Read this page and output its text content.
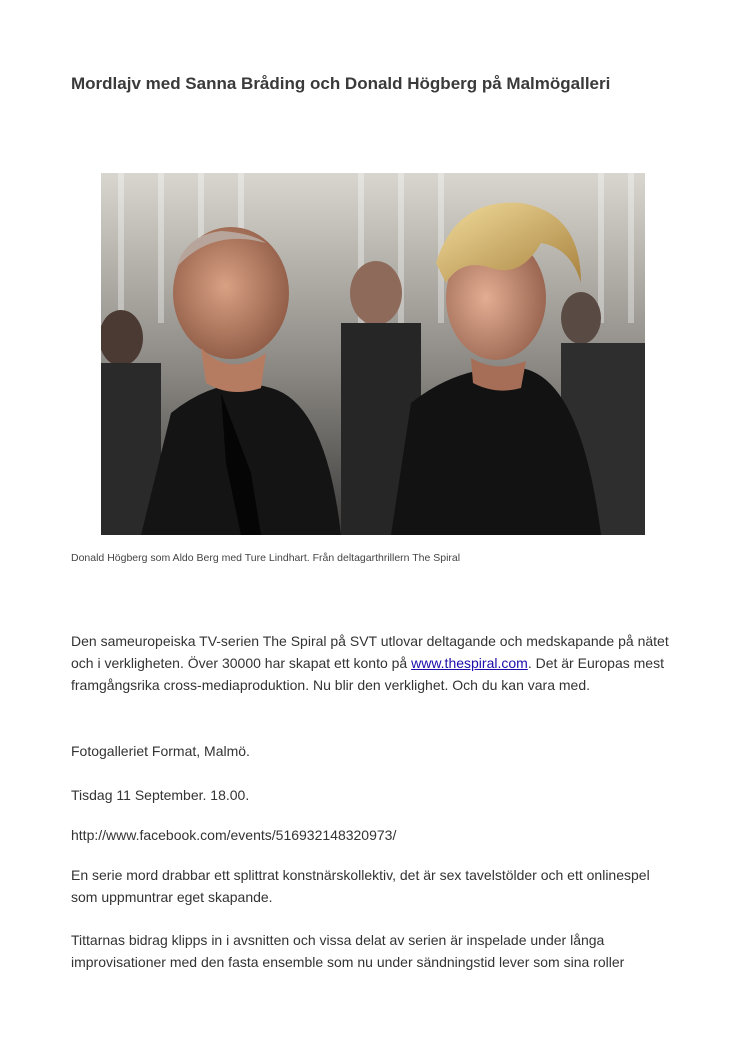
Mordlajv med Sanna Bråding och Donald Högberg på Malmögalleri

Donald Högberg som Aldo Berg med Ture Lindhart. Från deltagarthrillern The Spiral

Den sameuropeiska TV-serien The Spiral på SVT utlovar deltagande och medskapande på nätet och i verkligheten. Över 30000 har skapat ett konto på www.thespiral.com. Det är Europas mest framgångsrika cross-mediaproduktion. Nu blir den verklighet. Och du kan vara med.

Fotogalleriet Format, Malmö.

Tisdag 11 September. 18.00.

http://www.facebook.com/events/516932148320973/

En serie mord drabbar ett splittrat konstnärskollektiv, det är sex tavelstölder och ett onlinespel som uppmuntrar eget skapande.

Tittarnas bidrag klipps in i avsnitten och vissa delat av serien är inspelade under långa improvisationer med den fasta ensemble som nu under sändningstid lever som sina roller
